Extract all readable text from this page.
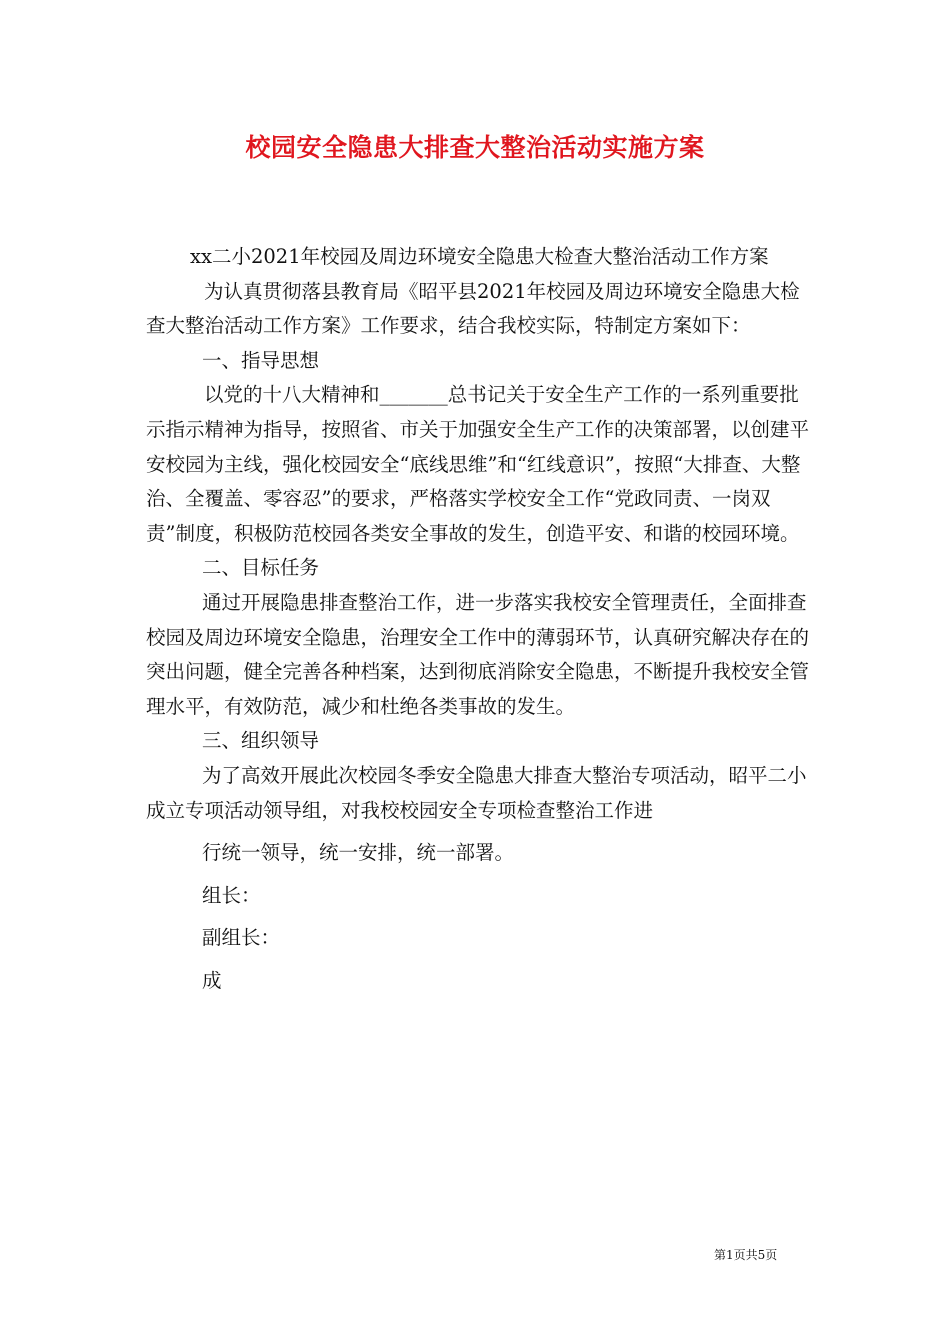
校园安全隐患大排查大整治活动实施方案

xx二小2021年校园及周边环境安全隐患大检查大整治活动工作方案

为认真贯彻落县教育局《昭平县2021年校园及周边环境安全隐患大检查大整治活动工作方案》工作要求，结合我校实际，特制定方案如下：

一、指导思想

以党的十八大精神和_______总书记关于安全生产工作的一系列重要批示指示精神为指导，按照省、市关于加强安全生产工作的决策部署，以创建平安校园为主线，强化校园安全“底线思维”和“红线意识”，按照“大排查、大整治、全覆盖、零容忍”的要求，严格落实学校安全工作“党政同责、一岗双责”制度，积极防范校园各类安全事故的发生，创造平安、和谐的校园环境。

二、目标任务

通过开展隐患排查整治工作，进一步落实我校安全管理责任，全面排查校园及周边环境安全隐患，治理安全工作中的薄弱环节，认真研究解决存在的突出问题，健全完善各种档案，达到彻底消除安全隐患，不断提升我校安全管理水平，有效防范，减少和杜绝各类事故的发生。

三、组织领导

为了高效开展此次校园冬季安全隐患大排查大整治专项活动，昭平二小成立专项活动领导组，对我校校园安全专项检查整治工作进

行统一领导，统一安排，统一部署。

组长：

副组长：

成

第1页共5页
